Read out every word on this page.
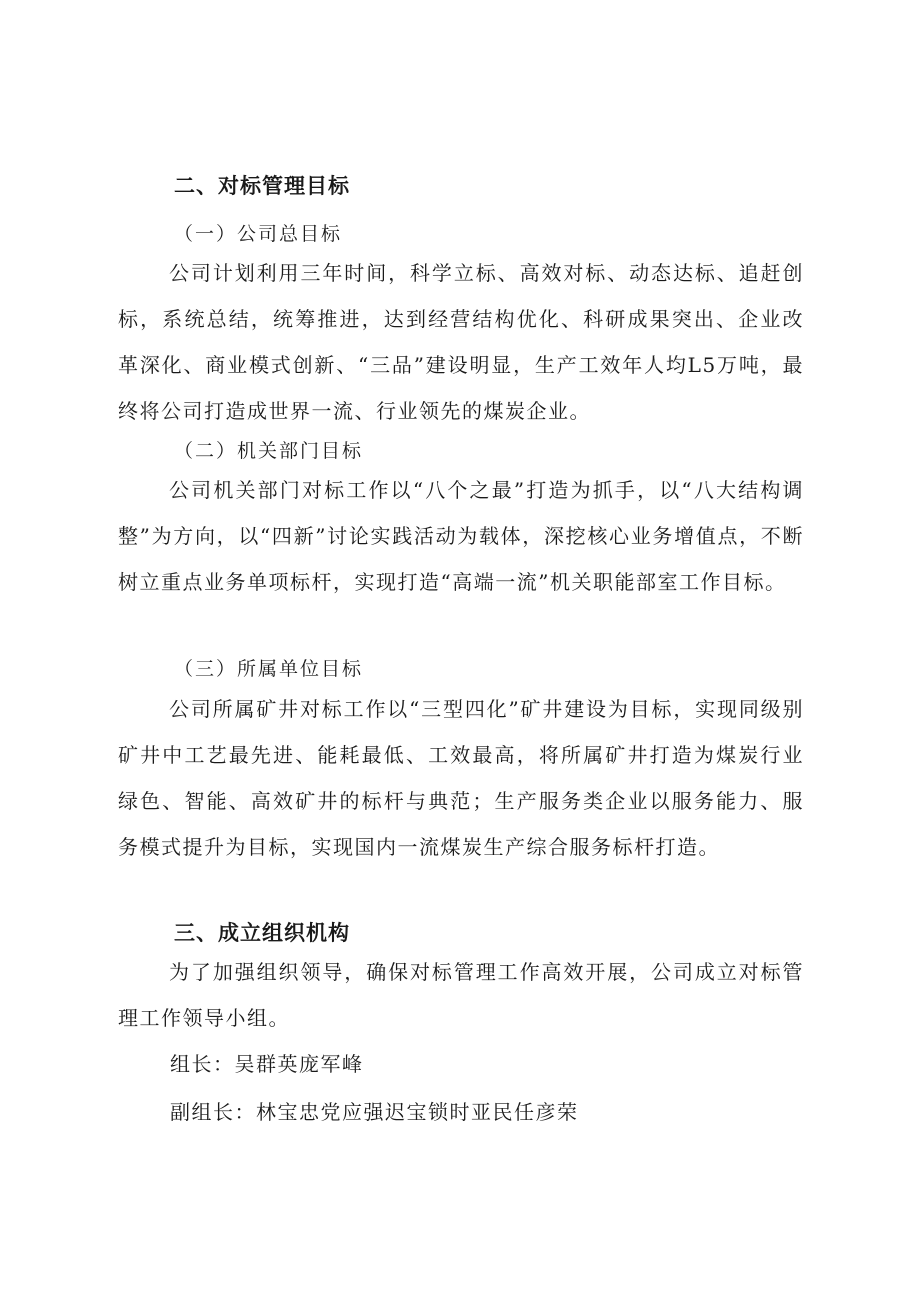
二、对标管理目标
（一）公司总目标

公司计划利用三年时间，科学立标、高效对标、动态达标、追赶创标，系统总结，统筹推进，达到经营结构优化、科研成果突出、企业改革深化、商业模式创新、“三品”建设明显，生产工效年人均L5万吨，最终将公司打造成世界一流、行业领先的煤炭企业。

（二）机关部门目标

公司机关部门对标工作以“八个之最”打造为抓手，以“八大结构调整”为方向，以“四新”讨论实践活动为载体，深挖核心业务增值点，不断树立重点业务单项标杆，实现打造“高端一流”机关职能部室工作目标。

（三）所属单位目标

公司所属矿井对标工作以“三型四化”矿井建设为目标，实现同级别矿井中工艺最先进、能耗最低、工效最高，将所属矿井打造为煤炭行业绿色、智能、高效矿井的标杆与典范；生产服务类企业以服务能力、服务模式提升为目标，实现国内一流煤炭生产综合服务标杆打造。

三、成立组织机构

为了加强组织领导，确保对标管理工作高效开展，公司成立对标管理工作领导小组。

组长：吴群英庞军峰
副组长：林宝忠党应强迟宝锁时亚民任彦荣
